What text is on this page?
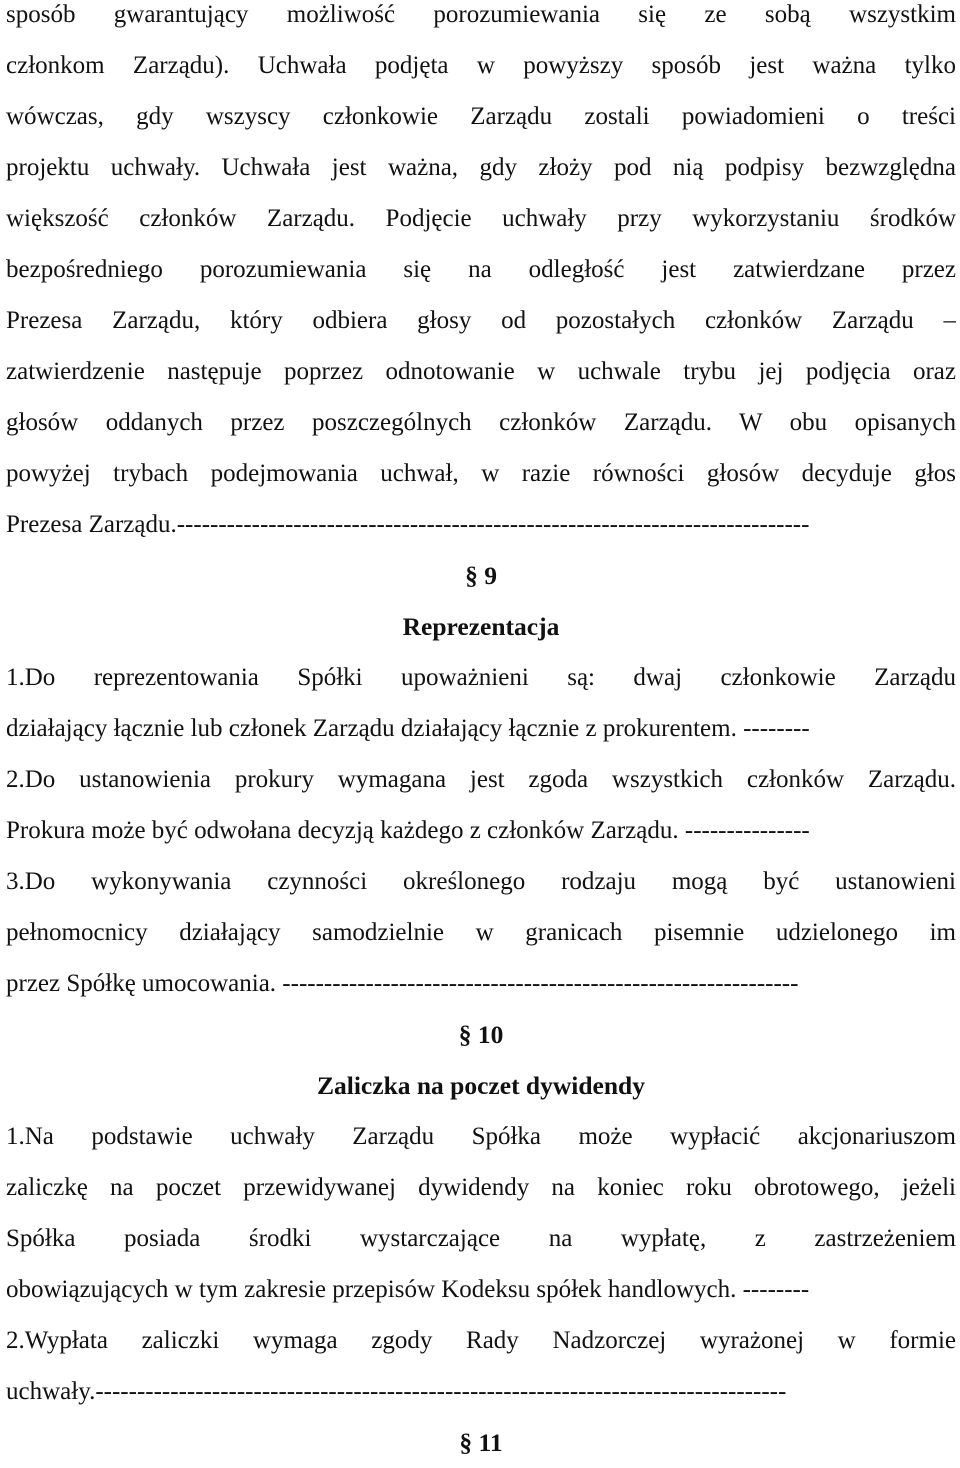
sposób gwarantujący możliwość porozumiewania się ze sobą wszystkim
członkom Zarządu). Uchwała podjęta w powyższy sposób jest ważna tylko
wówczas, gdy wszyscy członkowie Zarządu zostali powiadomieni o treści
projektu uchwały. Uchwała jest ważna, gdy złoży pod nią podpisy bezwzględna
większość członków Zarządu. Podjęcie uchwały przy wykorzystaniu środków
bezpośredniego porozumiewania się na odległość jest zatwierdzane przez
Prezesa Zarządu, który odbiera głosy od pozostałych członków Zarządu –
zatwierdzenie następuje poprzez odnotowanie w uchwale trybu jej podjęcia oraz
głosów oddanych przez poszczególnych członków Zarządu. W obu opisanych
powyżej trybach podejmowania uchwał, w razie równości głosów decyduje głos
Prezesa Zarządu.----------------------------------------------------------------------------
§ 9
Reprezentacja
1.Do reprezentowania Spółki upoważnieni są: dwaj członkowie Zarządu
działający łącznie lub członek Zarządu działający łącznie z prokurentem. --------
2.Do ustanowienia prokury wymagana jest zgoda wszystkich członków Zarządu.
Prokura może być odwołana decyzją każdego z członków Zarządu. ---------------
3.Do wykonywania czynności określonego rodzaju mogą być ustanowieni
pełnomocnicy działający samodzielnie w granicach pisemnie udzielonego im
przez Spółkę umocowania. --------------------------------------------------------------
§ 10
Zaliczka na poczet dywidendy
1.Na podstawie uchwały Zarządu Spółka może wypłacić akcjonariuszom
zaliczkę na poczet przewidywanej dywidendy na koniec roku obrotowego, jeżeli
Spółka posiada środki wystarczające na wypłatę, z zastrzeżeniem
obowiązujących w tym zakresie przepisów Kodeksu spółek handlowych. --------
2.Wypłata zaliczki wymaga zgody Rady Nadzorczej wyrażonej w formie
uchwały.-----------------------------------------------------------------------------------
§ 11
